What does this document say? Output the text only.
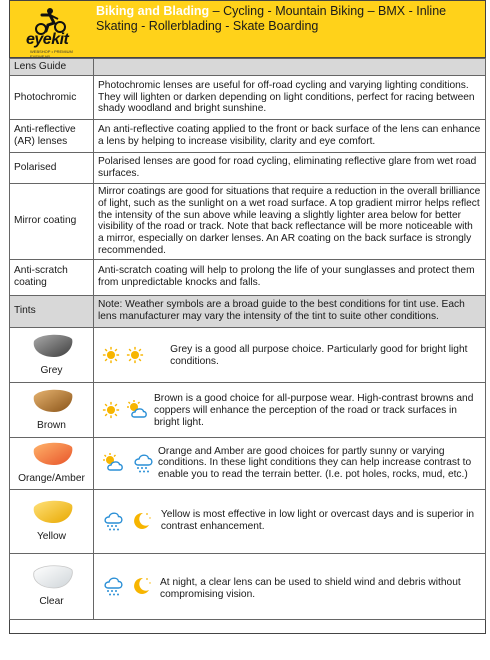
eyekit
WEBSHOP • PREMIUM EYEWEAR
Biking and Blading – Cycling - Mountain Biking – BMX - Inline Skating - Rollerblading - Skate Boarding
Lens Guide	
Photochromic	Photochromic lenses are useful for off-road cycling and varying lighting conditions. They will lighten or darken depending on light conditions, perfect for racing between shady woodland and bright sunshine.
Anti-reflective (AR) lenses	An anti-reflective coating applied to the front or back surface of the lens can enhance a lens by helping to increase visibility, clarity and eye comfort.
Polarised	Polarised lenses are good for road cycling, eliminating reflective glare from wet road surfaces.
Mirror coating	Mirror coatings are good for situations that require a reduction in the overall brilliance of light, such as the sunlight on a wet road surface. A top gradient mirror helps reflect the intensity of the sun above while leaving a slightly lighter area below for better visibility of the road or track. Note that back reflectance will be more noticeable with a mirror, especially on darker lenses. An AR coating on the back surface is strongly recommended.
Anti-scratch coating	Anti-scratch coating will help to prolong the life of your sunglasses and protect them from unpredictable knocks and falls.
Tints	Note: Weather symbols are a broad guide to the best conditions for tint use. Each lens manufacturer may vary the intensity of the tint to suite other conditions.

Grey	Grey is a good all purpose choice. Particularly good for bright light conditions.

Brown	Brown is a good choice for all-purpose wear. High-contrast browns and coppers will enhance the perception of the road or track surfaces in bright light.

Orange/Amber	Orange and Amber are good choices for partly sunny or varying conditions. In these light conditions they can help increase contrast to enable you to read the terrain better. (I.e. pot holes, rocks, mud, etc.)

Yellow	Yellow is most effective in low light or overcast days and is superior in contrast enhancement.

Clear	At night, a clear lens can be used to shield wind and debris without compromising vision.
